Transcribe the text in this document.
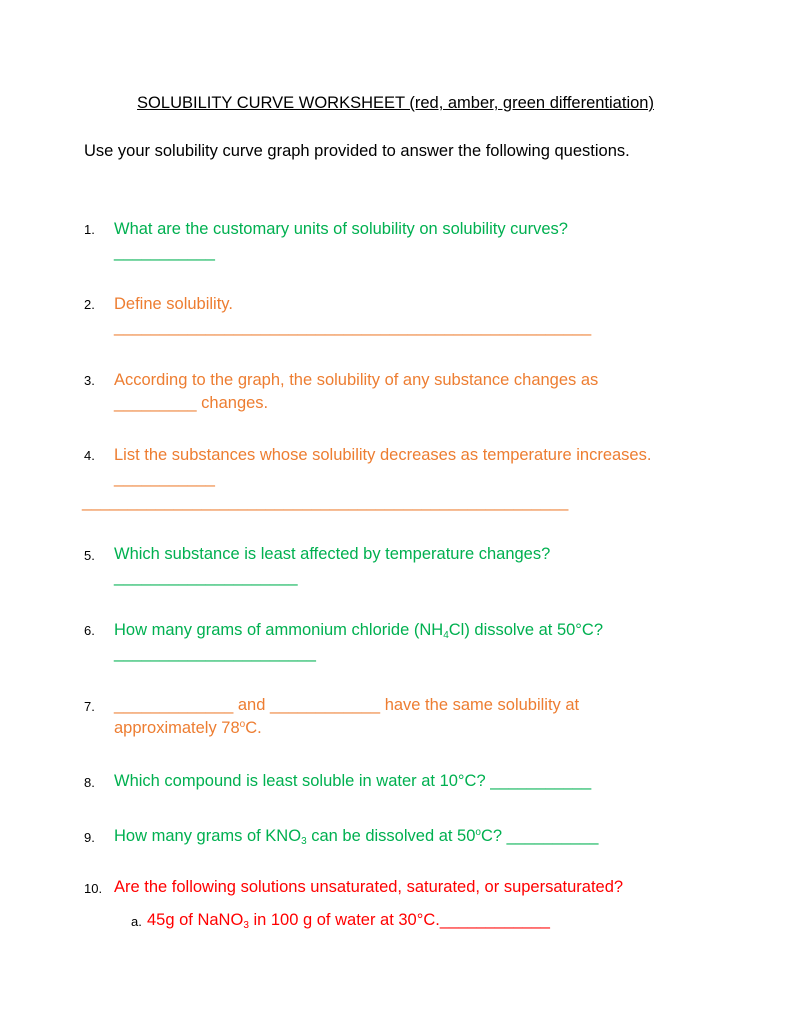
SOLUBILITY CURVE WORKSHEET (red, amber, green differentiation)
Use your solubility curve graph provided to answer the following questions.
1. What are the customary units of solubility on solubility curves?
___________
2. Define solubility.
____________________________________________________
3. According to the graph, the solubility of any substance changes as
_________ changes.
4. List the substances whose solubility decreases as temperature increases.
___________
_____________________________________________________
5. Which substance is least affected by temperature changes?
____________________
6. How many grams of ammonium chloride $(NH_4Cl)$ dissolve at 50°C?
______________________
7. _____________ and ____________ have the same solubility at
approximately 78$^o$C.
8. Which compound is least soluble in water at 10°C? ___________
9. How many grams of $KNO_3$ can be dissolved at 50$^o$C? __________
10. Are the following solutions unsaturated, saturated, or supersaturated?
a. 45g of NaNO$_3$ in 100 g of water at 30°C.____________
